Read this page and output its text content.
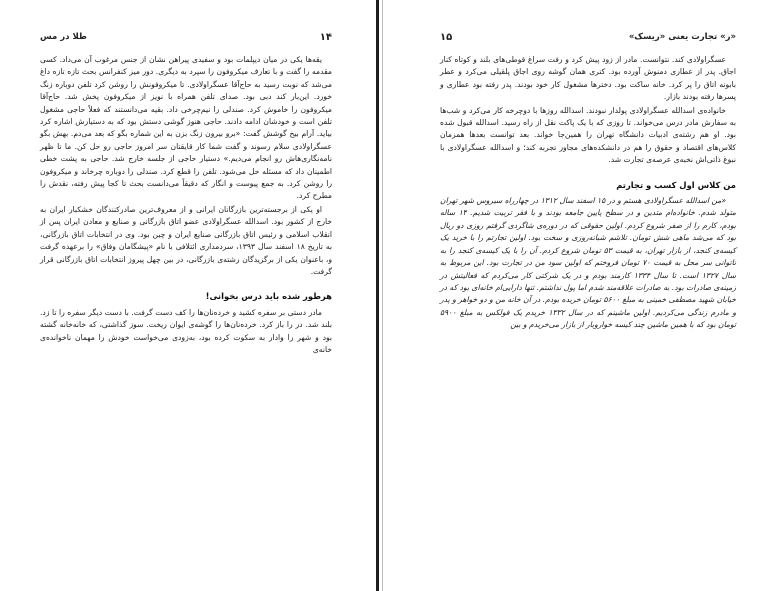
۱۴
طلا در مس

یقه‌ها یکی در میان دیپلمات بود و سفیدی پیراهن نشان از جنس مرغوب آن می‌داد. کسی مقدمه را گفت و با تعارف میکروفون را سپرد به دیگری. دور میز کنفرانس بحث تازه تازه داغ می‌شد که نوبت رسید به حاج‌آقا عسگراولادی. تا میکروفونش را روشن کرد تلفن دوباره زنگ خورد. این‌بار کند دبی بود. صدای تلفن همراه با نویز از میکروفون پخش شد. حاج‌آقا میکروفون را خاموش کرد. صندلی را نیم‌چرخی داد. بقیه می‌دانستند که فعلاً حاجی مشغول تلفن است و خودشان ادامه دادند. حاجی هنوز گوشی دستش بود که به دستیارش اشاره کرد بیاید. آرام بیخ گوشش گفت: «برو بیرون زنگ بزن به این شماره بگو که بعد می‌دم. بهش بگو عسگراولادی سلام رسوند و گفت شما کار قایقتان سر امروز حاجی رو حل کن. ما تا ظهر نامه‌نگاری‌هاش رو انجام می‌دیم.» دستیار حاجی از جلسه خارج شد. حاجی به پشت خطی اطمینان داد که مسئله حل می‌شود. تلفن را قطع کرد. صندلی را دوباره چرخاند و میکروفون را روشن کرد. به جمع پیوست و انگار که دقیقاً می‌دانست بحث تا کجا پیش رفته، نقدش را مطرح کرد.

او یکی از برجسته‌ترین بازرگانان ایرانی و از معروف‌ترین صادرکنندگان خشکبار ایران به خارج از کشور بود. اسدالله عسگراولادی عضو اتاق بازرگانی و صنایع و معادن ایران پس از انقلاب اسلامی و رئیس اتاق بازرگانی صنایع ایران و چین بود. وی در انتخابات اتاق بازرگانی، به تاریخ ۱۸ اسفند سال ۱۳۹۳، سردمداری ائتلافی با نام «پیشگامان وفاق» را برعهده گرفت و، باعنوان یکی از برگزیدگان رشته‌ی بازرگانی، در بین چهل پیروز انتخابات اتاق بازرگانی قرار گرفت.

هرطور شده باید درس بخوانی!

مادر دستی بر سفره کشید و خرده‌نان‌ها را کف دست گرفت. با دست دیگر سفره را تا زد. بلند شد. در را باز کرد. خرده‌نان‌ها را گوشه‌ی ایوان ریخت. سوز گذاشتی، که خانه‌خانه گشته بود و شهر را وادار به سکوت کرده بود، به‌زودی می‌خواست خودش را مهمان ناخوانده‌ی خانه‌ی

«ر» تجارت یعنی «ریسک»
۱۵

عسگراولادی کند. نتوانست. مادر از زود پیش کرد و رفت سراغ قوطی‌های بلند و کوتاه کنار اجاق. پدر از عطاری دمنوش آورده بود. کتری همان گوشه روی اجاق پلقیلی می‌کرد و عطر بابونه اتاق را پر کرد. خانه ساکت بود. دختر‌ها مشغول کار خود بودند. پدر رفته بود عطاری و پسرها رفته بودند بازار.

خانواده‌ی اسدالله عسگراولادی پولدار نبودند. اسدالله روزها با دوچرخه کار می‌کرد و شب‌ها به سفارش مادر درس می‌خواند. تا روزی که با یک پاکت نقل از راه رسید. اسدالله قبول شده بود. او هم رشته‌ی ادبیات دانشگاه تهران را همین‌جا خواند. بعد توانست بعدها همزمان کلاس‌های اقتصاد و حقوق را هم در دانشکده‌های مجاور تجربه کند؛ و اسدالله عسگراولادی با نبوغ ذاتی‌اش نخبه‌ی عرصه‌ی تجارت شد.

من کلاس اول کسب و تجارتم

«من اسدالله عسگراولادی هستم و در ۱۵ اسفند سال ۱۳۱۲ در چهارراه سیروس شهر تهران متولد شدم. خانواده‌ام متدین و در سطح پایین جامعه بودند و با فقر تربیت شدیم. ۱۴ ساله بودم، کارم را از صفر شروع کردم. اولین حقوقی که در دوره‌ی شاگردی گرفتم روزی دو ریال بود که می‌شد ماهی شش تومان. تلاشم شبانه‌روزی و سخت بود. اولین تجارتم را با خرید یک کیسه‌ی کنجد، از بازار تهران، به قیمت ۵۳ تومان شروع کردم. آن را با یک کیسه‌ی کنجد را به ناتوانی سر محل به قیمت ۷۰ تومان فروختم که اولین سود من در تجارت بود. این مربوط به سال ۱۳۲۷ است. تا سال ۱۳۳۴ کارمند بودم و در یک شرکتی کار می‌کردم که فعالیتش در زمینه‌ی صادرات بود. به صادرات علاقه‌مند شدم اما پول نداشتم. تنها دارایی‌ام خانه‌ای بود که در خیابان شهید مصطفی خمینی به مبلغ ۵۶۰۰ تومان خریده بودم. در آن خانه من و دو خواهر و پدر و مادرم زندگی می‌کردیم. اولین ماشینم که در سال ۱۳۳۲ خریدم یک فولکس به مبلغ ۵۹۰۰ تومان بود که با همین ماشین چند کیسه خوارو‌بار از بازار می‌خریدم و بین
